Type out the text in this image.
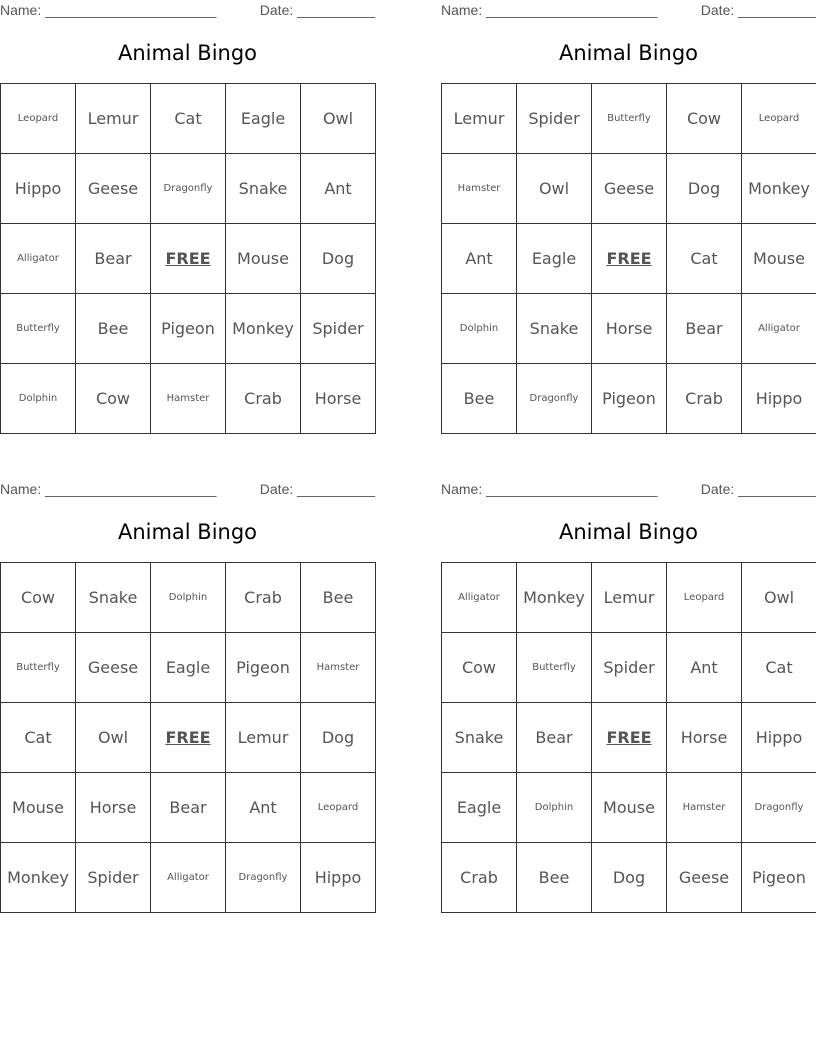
Name: ______________________	Date: __________
Animal Bingo
Leopard	Lemur	Cat	Eagle	Owl
Hippo	Geese	Dragonfly	Snake	Ant
Alligator	Bear	FREE	Mouse	Dog
Butterfly	Bee	Pigeon	Monkey	Spider
Dolphin	Cow	Hamster	Crab	Horse
Name: ______________________	Date: __________
Animal Bingo
Lemur	Spider	Butterfly	Cow	Leopard
Hamster	Owl	Geese	Dog	Monkey
Ant	Eagle	FREE	Cat	Mouse
Dolphin	Snake	Horse	Bear	Alligator
Bee	Dragonfly	Pigeon	Crab	Hippo
Name: ______________________	Date: __________
Animal Bingo
Cow	Snake	Dolphin	Crab	Bee
Butterfly	Geese	Eagle	Pigeon	Hamster
Cat	Owl	FREE	Lemur	Dog
Mouse	Horse	Bear	Ant	Leopard
Monkey	Spider	Alligator	Dragonfly	Hippo
Name: ______________________	Date: __________
Animal Bingo
Alligator	Monkey	Lemur	Leopard	Owl
Cow	Butterfly	Spider	Ant	Cat
Snake	Bear	FREE	Horse	Hippo
Eagle	Dolphin	Mouse	Hamster	Dragonfly
Crab	Bee	Dog	Geese	Pigeon
